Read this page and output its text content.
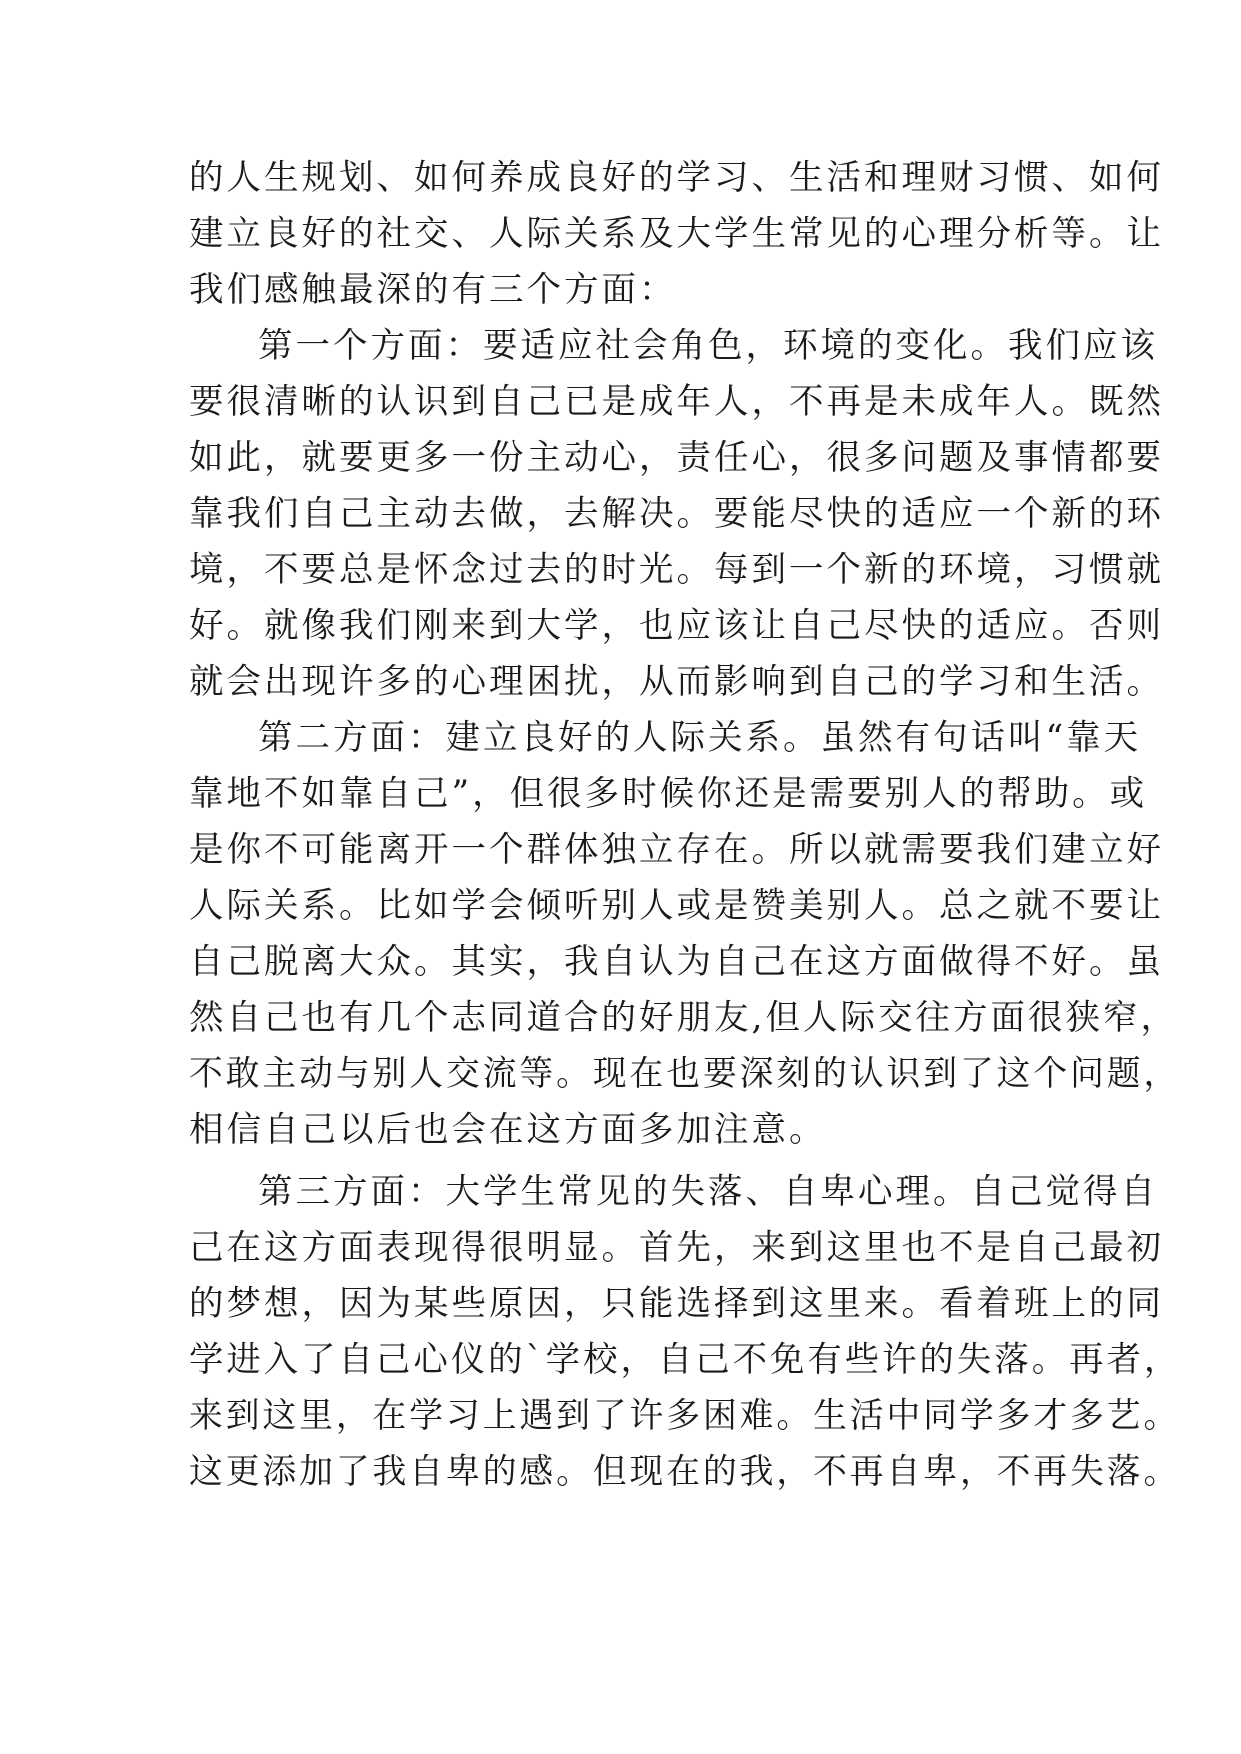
的人生规划、如何养成良好的学习、生活和理财习惯、如何
建立良好的社交、人际关系及大学生常见的心理分析等。让
我们感触最深的有三个方面：
第一个方面：要适应社会角色，环境的变化。我们应该
要很清晰的认识到自己已是成年人，不再是未成年人。既然
如此，就要更多一份主动心，责任心，很多问题及事情都要
靠我们自己主动去做，去解决。要能尽快的适应一个新的环
境，不要总是怀念过去的时光。每到一个新的环境，习惯就
好。就像我们刚来到大学，也应该让自己尽快的适应。否则
就会出现许多的心理困扰，从而影响到自己的学习和生活。
第二方面：建立良好的人际关系。虽然有句话叫“靠天
靠地不如靠自己”，但很多时候你还是需要别人的帮助。或
是你不可能离开一个群体独立存在。所以就需要我们建立好
人际关系。比如学会倾听别人或是赞美别人。总之就不要让
自己脱离大众。其实，我自认为自己在这方面做得不好。虽
然自己也有几个志同道合的好朋友,但人际交往方面很狭窄，
不敢主动与别人交流等。现在也要深刻的认识到了这个问题，
相信自己以后也会在这方面多加注意。
第三方面：大学生常见的失落、自卑心理。自己觉得自
己在这方面表现得很明显。首先，来到这里也不是自己最初
的梦想，因为某些原因，只能选择到这里来。看着班上的同
学进入了自己心仪的`学校，自己不免有些许的失落。再者，
来到这里，在学习上遇到了许多困难。生活中同学多才多艺。
这更添加了我自卑的感。但现在的我，不再自卑，不再失落。
